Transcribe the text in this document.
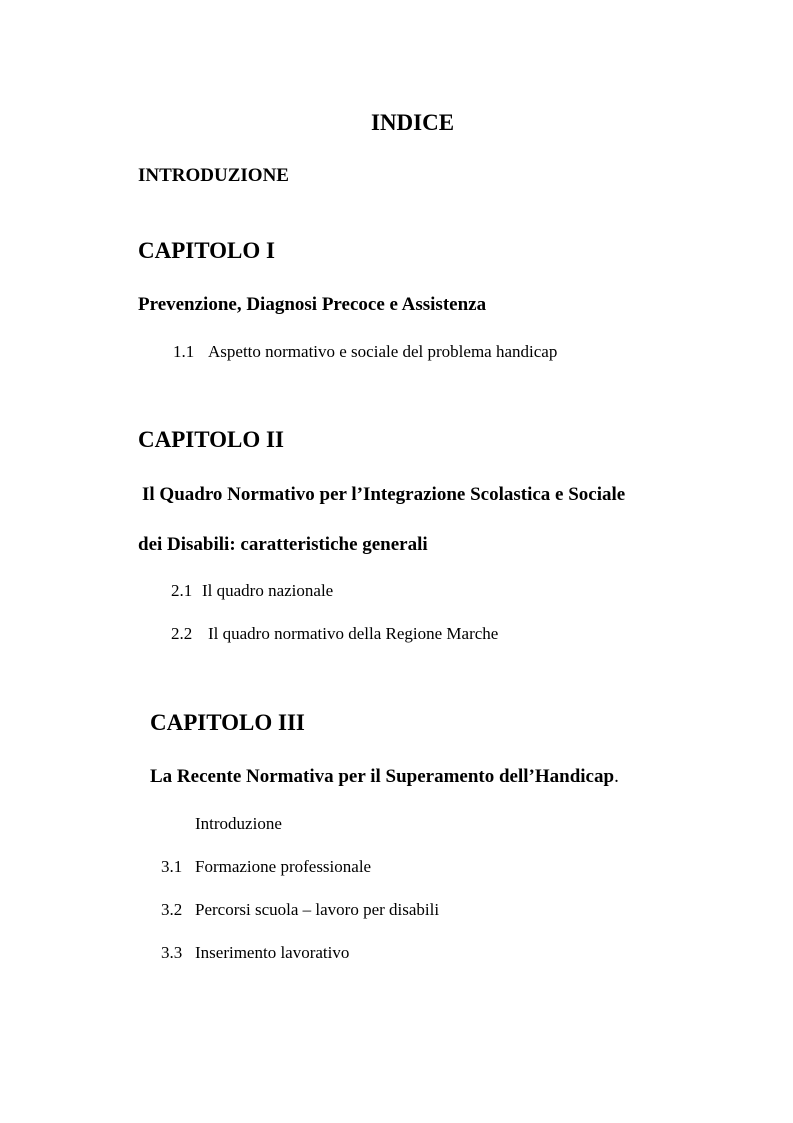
INDICE
INTRODUZIONE
CAPITOLO I
Prevenzione, Diagnosi Precoce e Assistenza
1.1 Aspetto normativo e sociale del problema handicap
CAPITOLO II
Il Quadro Normativo per l’Integrazione Scolastica e Sociale
dei Disabili: caratteristiche generali
2.1 Il quadro nazionale
2.2 Il quadro normativo della Regione Marche
CAPITOLO III
La Recente Normativa per il Superamento dell’Handicap.
Introduzione
3.1 Formazione professionale
3.2 Percorsi scuola – lavoro per disabili
3.3 Inserimento lavorativo
